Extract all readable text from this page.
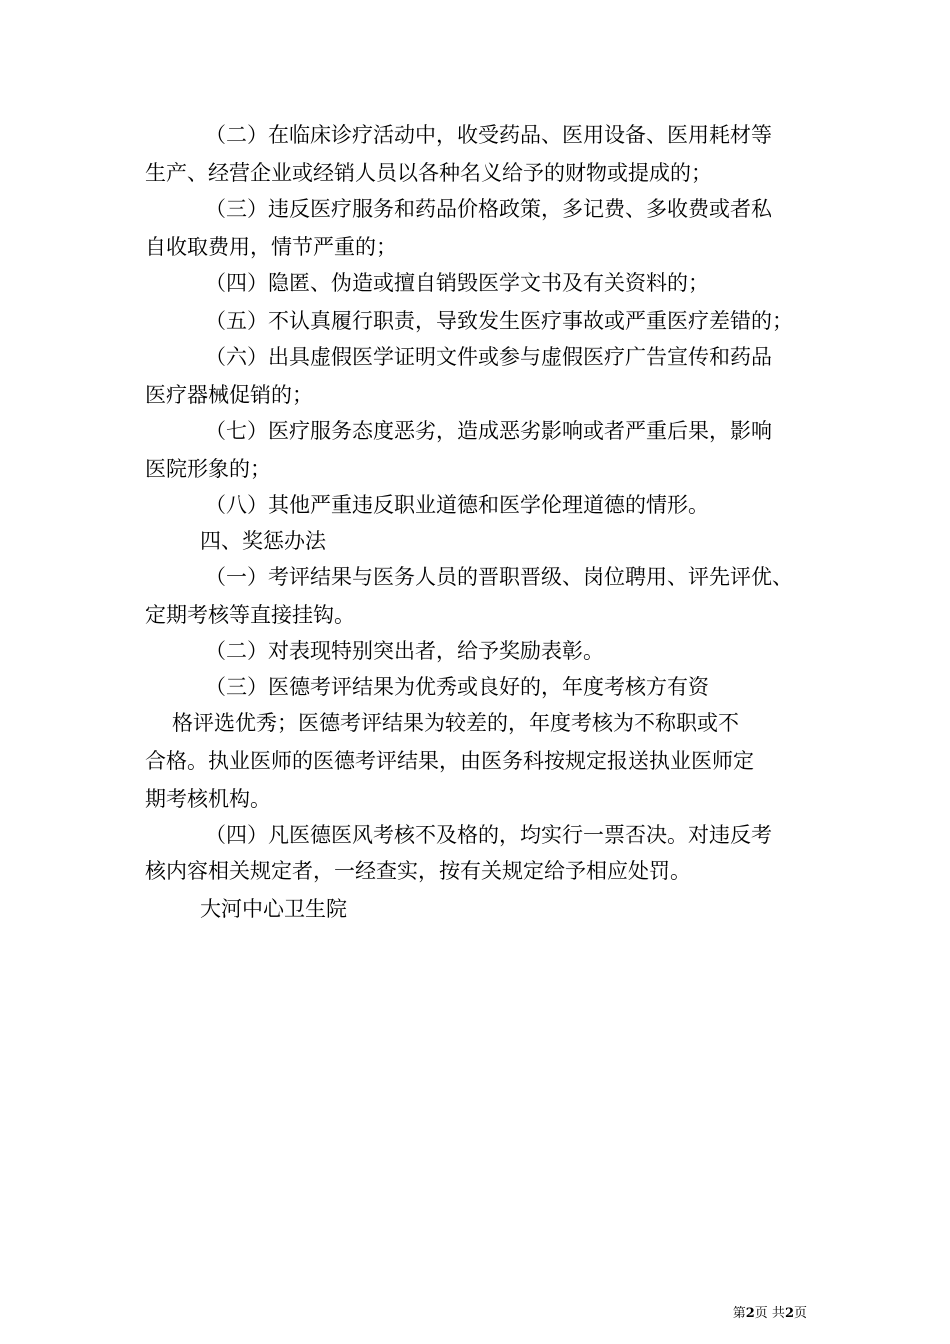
（二）在临床诊疗活动中，收受药品、医用设备、医用耗材等
生产、经营企业或经销人员以各种名义给予的财物或提成的；
（三）违反医疗服务和药品价格政策，多记费、多收费或者私
自收取费用，情节严重的；
（四）隐匿、伪造或擅自销毁医学文书及有关资料的；
（五）不认真履行职责，导致发生医疗事故或严重医疗差错的；
（六）出具虚假医学证明文件或参与虚假医疗广告宣传和药品
医疗器械促销的；
（七）医疗服务态度恶劣，造成恶劣影响或者严重后果，影响
医院形象的；
（八）其他严重违反职业道德和医学伦理道德的情形。
四、奖惩办法
（一）考评结果与医务人员的晋职晋级、岗位聘用、评先评优、
定期考核等直接挂钩。
（二）对表现特别突出者，给予奖励表彰。
（三）医德考评结果为优秀或良好的，年度考核方有资
格评选优秀；医德考评结果为较差的，年度考核为不称职或不
合格。执业医师的医德考评结果，由医务科按规定报送执业医师定
期考核机构。
（四）凡医德医风考核不及格的，均实行一票否决。对违反考
核内容相关规定者，一经查实，按有关规定给予相应处罚。
大河中心卫生院
第2页 共2页
